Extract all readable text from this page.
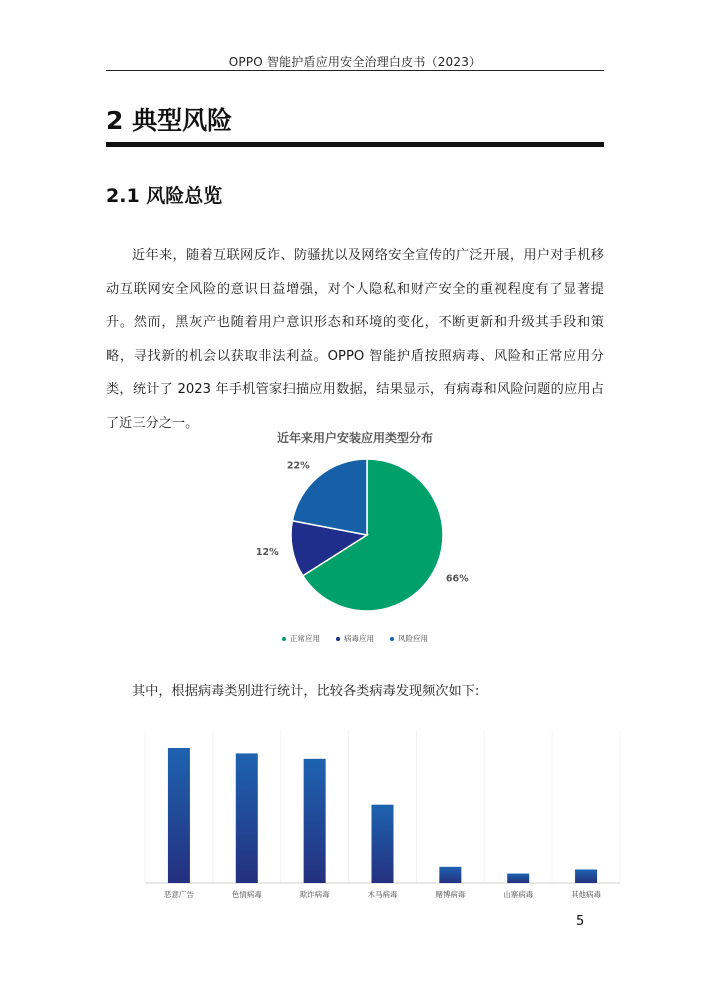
OPPO 智能护盾应用安全治理白皮书（2023）
2 典型风险
2.1 风险总览

近年来，随着互联网反诈、防骚扰以及网络安全宣传的广泛开展，用户对手机移动互联网安全风险的意识日益增强，对个人隐私和财产安全的重视程度有了显著提升。然而，黑灰产也随着用户意识形态和环境的变化，不断更新和升级其手段和策略，寻找新的机会以获取非法利益。OPPO 智能护盾按照病毒、风险和正常应用分类，统计了 2023 年手机管家扫描应用数据，结果显示，有病毒和风险问题的应用占了近三分之一。

近年来用户安装应用类型分布
66%
12%
22%
正常应用	病毒应用	风险应用
其中，根据病毒类别进行统计，比较各类病毒发现频次如下:
恶意广告	色情病毒	欺诈病毒	木马病毒	赌博病毒	山寨病毒	其他病毒
5
